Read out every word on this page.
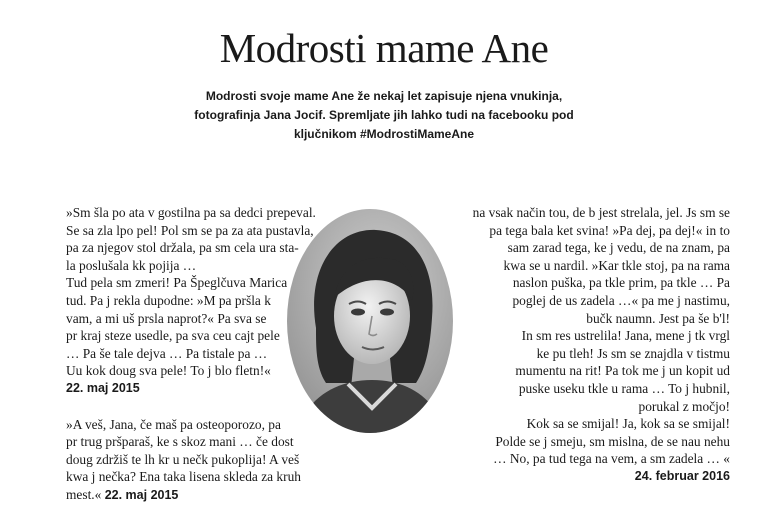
Modrosti mame Ane
Modrosti svoje mame Ane že nekaj let zapisuje njena vnukinja,
fotografinja Jana Jocif. Spremljate jih lahko tudi na facebooku pod
ključnikom #ModrostiMameAne
»Sm šla po ata v gostilna pa sa dedci prepeval.
Se sa zla lpo pel! Pol sm se pa za ata pustavla,
pa za njegov stol držala, pa sm cela ura sta-
la poslušala kk pojija …
Tud pela sm zmeri! Pa Špeglčuva Marica
tud. Pa j rekla dupodne: »M pa pršla k
vam, a mi uš prsla naprot?« Pa sva se
pr kraj steze usedle, pa sva ceu cajt pele
… Pa še tale dejva … Pa tistale pa …
Uu kok doug sva pele! To j blo fletn!«
22. maj 2015
»A veš, Jana, če maš pa osteoporozo, pa
pr trug pršparaš, ke s skoz mani … če dost
doug zdržiš te lh kr u nečk pukoplija! A veš
kwa j nečka? Ena taka lisena skleda za kruh
mest.« 22. maj 2015
na vsak način tou, de b jest strelala, jel. Js sm se
pa tega bala ket svina! »Pa dej, pa dej!« in to
sam zarad tega, ke j vedu, de na znam, pa
kwa se u nardil. »Kar tkle stoj, pa na rama
naslon puška, pa tkle prim, pa tkle … Pa
poglej de us zadela …« pa me j nastimu,
bučk naumn. Jest pa še b'l!
In sm res ustrelila! Jana, mene j tk vrgl
ke pu tleh! Js sm se znajdla v tistmu
mumentu na rit! Pa tok me j un kopit ud
puske useku tkle u rama … To j hubnil,
porukal z močjo!
Kok sa se smijal! Ja, kok sa se smijal!
Polde se j smeju, sm mislna, de se nau nehu
… No, pa tud tega na vem, a sm zadela … «
24. februar 2016
